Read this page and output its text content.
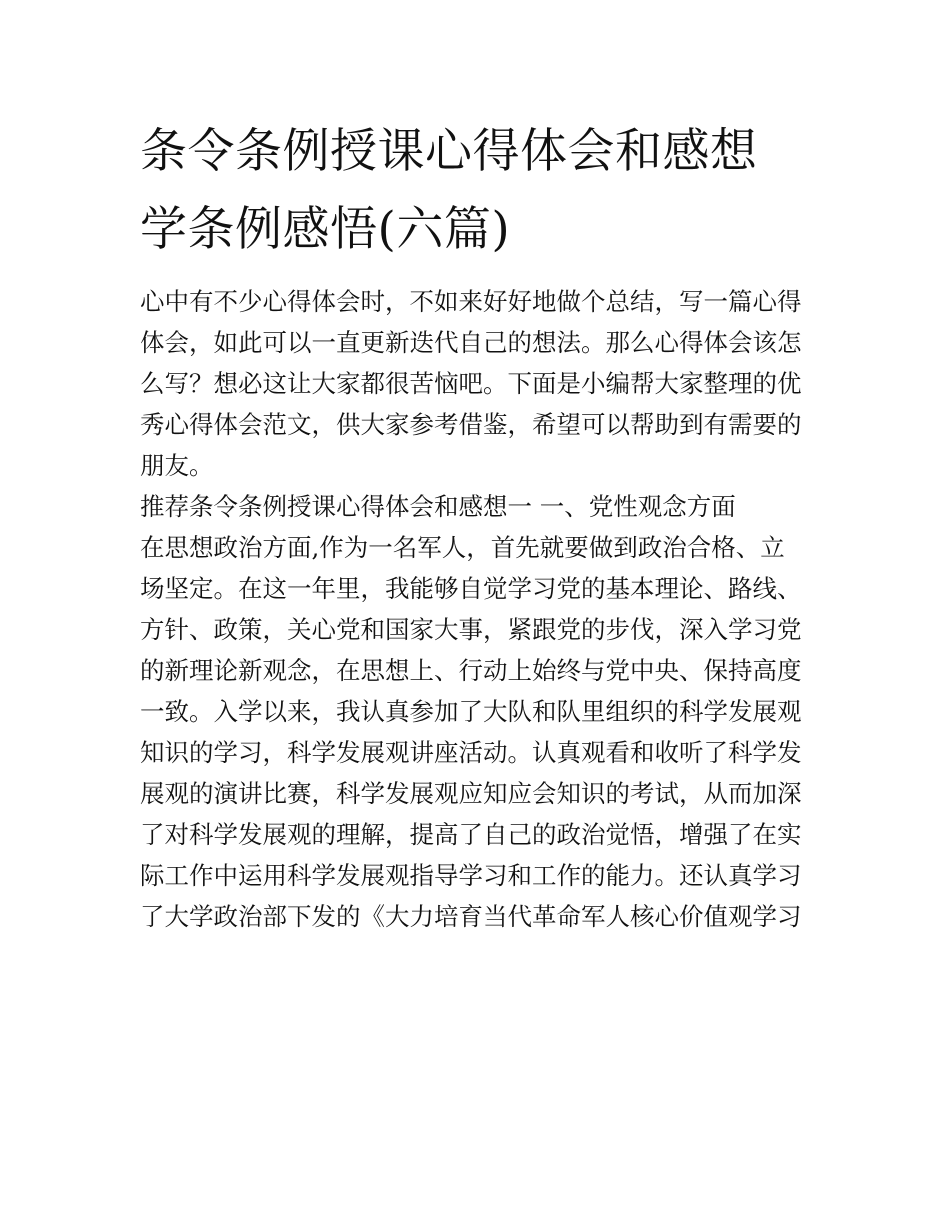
条令条例授课心得体会和感想
学条例感悟(六篇)
心中有不少心得体会时，不如来好好地做个总结，写一篇心得
体会，如此可以一直更新迭代自己的想法。那么心得体会该怎
么写？想必这让大家都很苦恼吧。下面是小编帮大家整理的优
秀心得体会范文，供大家参考借鉴，希望可以帮助到有需要的
朋友。
推荐条令条例授课心得体会和感想一 一、党性观念方面
在思想政治方面,作为一名军人，首先就要做到政治合格、立
场坚定。在这一年里，我能够自觉学习党的基本理论、路线、
方针、政策，关心党和国家大事，紧跟党的步伐，深入学习党
的新理论新观念，在思想上、行动上始终与党中央、保持高度
一致。入学以来，我认真参加了大队和队里组织的科学发展观
知识的学习，科学发展观讲座活动。认真观看和收听了科学发
展观的演讲比赛，科学发展观应知应会知识的考试，从而加深
了对科学发展观的理解，提高了自己的政治觉悟，增强了在实
际工作中运用科学发展观指导学习和工作的能力。还认真学习
了大学政治部下发的《大力培育当代革命军人核心价值观学习
